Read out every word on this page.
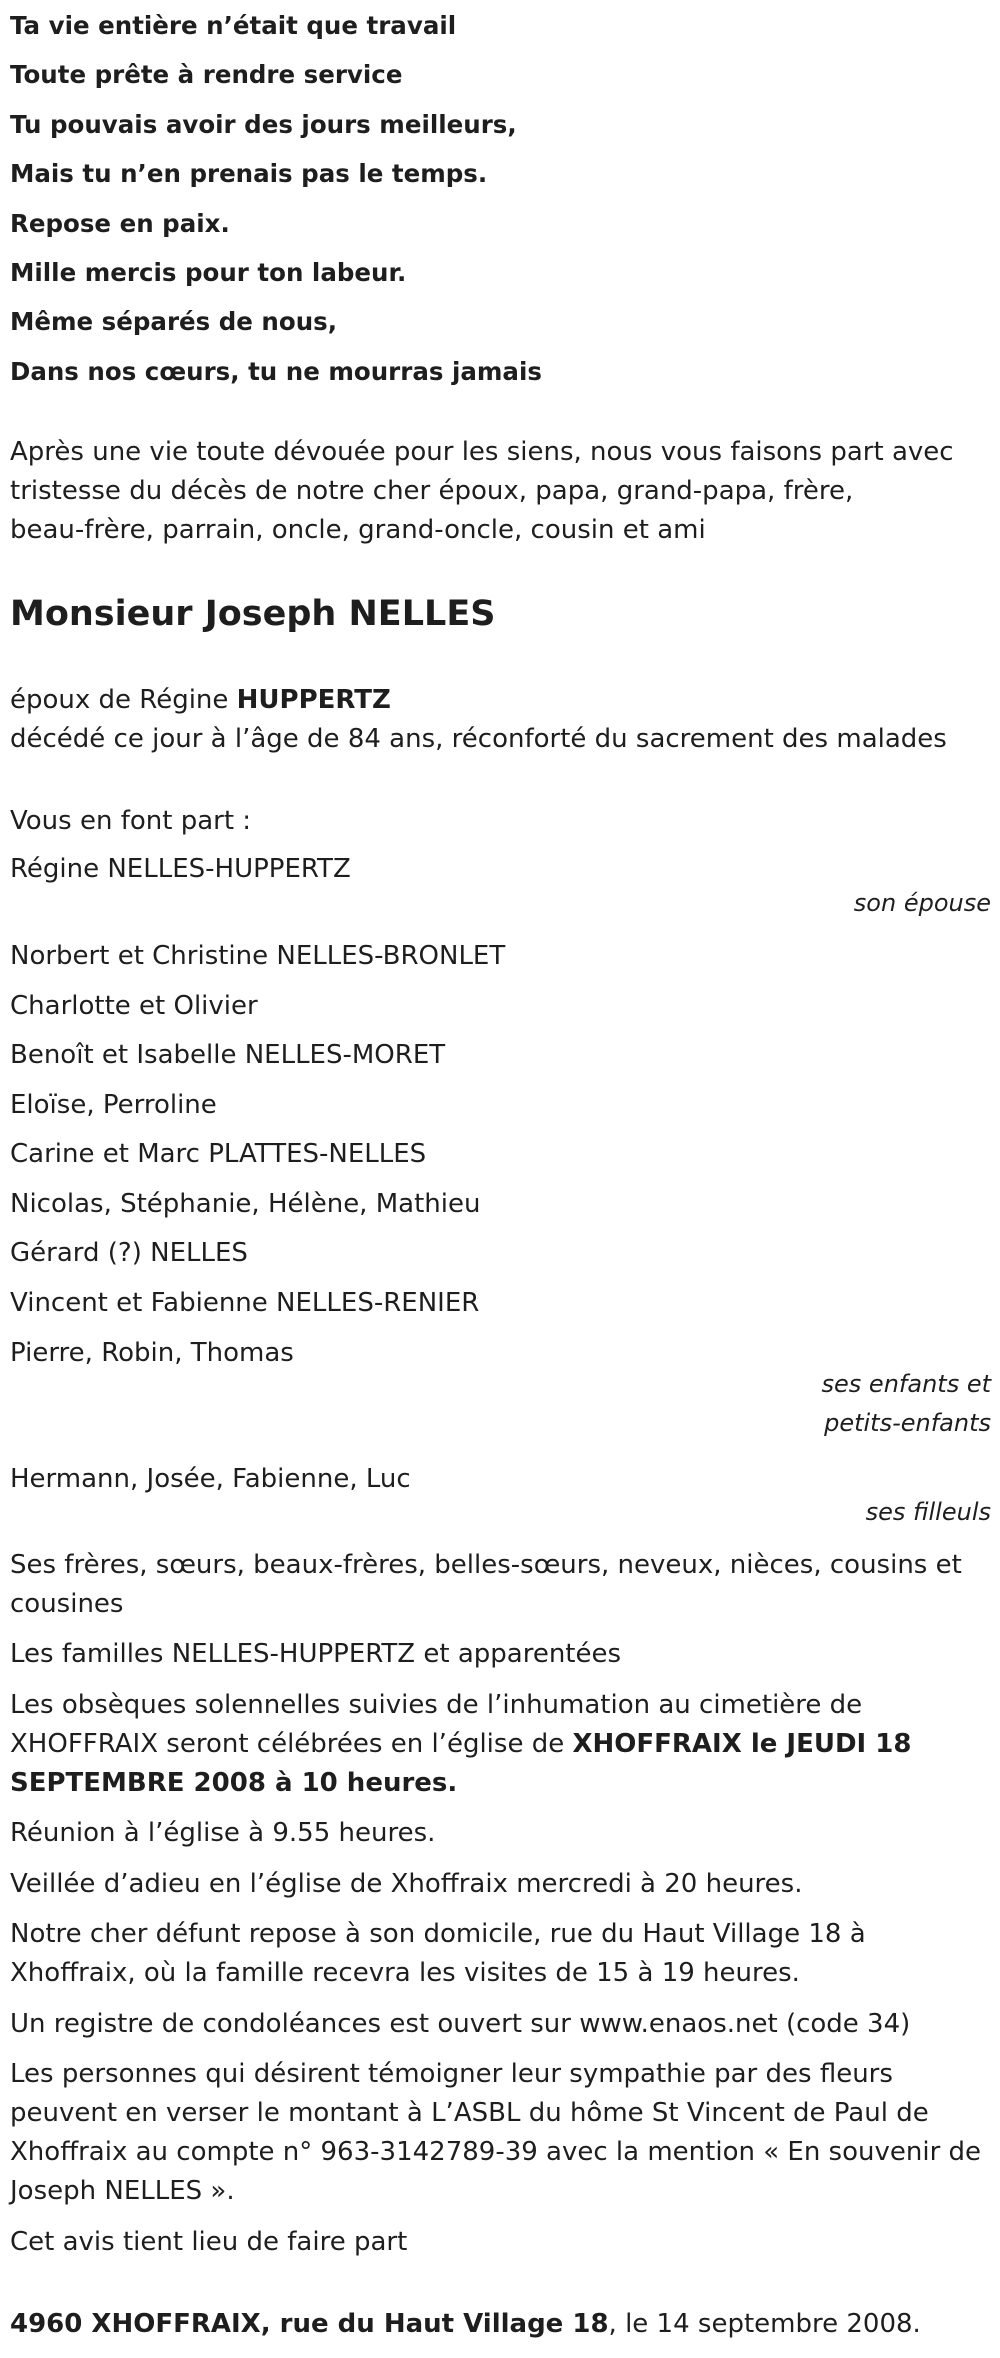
Ta vie entière n’était que travail
Toute prête à rendre service
Tu pouvais avoir des jours meilleurs,
Mais tu n’en prenais pas le temps.
Repose en paix.
Mille mercis pour ton labeur.
Même séparés de nous,
Dans nos cœurs, tu ne mourras jamais
Après une vie toute dévouée pour les siens, nous vous faisons part avec
tristesse du décès de notre cher époux, papa, grand-papa, frère,
beau-frère, parrain, oncle, grand-oncle, cousin et ami
Monsieur Joseph NELLES
époux de Régine HUPPERTZ
décédé ce jour à l’âge de 84 ans, réconforté du sacrement des malades
Vous en font part :
Régine NELLES-HUPPERTZ
son épouse
Norbert et Christine NELLES-BRONLET
Charlotte et Olivier
Benoît et Isabelle NELLES-MORET
Eloïse, Perroline
Carine et Marc PLATTES-NELLES
Nicolas, Stéphanie, Hélène, Mathieu
Gérard (?) NELLES
Vincent et Fabienne NELLES-RENIER
Pierre, Robin, Thomas
ses enfants et
petits-enfants
Hermann, Josée, Fabienne, Luc
ses filleuls
Ses frères, sœurs, beaux-frères, belles-sœurs, neveux, nièces, cousins et
cousines
Les familles NELLES-HUPPERTZ et apparentées
Les obsèques solennelles suivies de l’inhumation au cimetière de
XHOFFRAIX seront célébrées en l’église de XHOFFRAIX le JEUDI 18
SEPTEMBRE 2008 à 10 heures.
Réunion à l’église à 9.55 heures.
Veillée d’adieu en l’église de Xhoffraix mercredi à 20 heures.
Notre cher défunt repose à son domicile, rue du Haut Village 18 à
Xhoffraix, où la famille recevra les visites de 15 à 19 heures.
Un registre de condoléances est ouvert sur www.enaos.net (code 34)
Les personnes qui désirent témoigner leur sympathie par des fleurs
peuvent en verser le montant à L’ASBL du hôme St Vincent de Paul de
Xhoffraix au compte n° 963-3142789-39 avec la mention « En souvenir de
Joseph NELLES ».
Cet avis tient lieu de faire part
4960 XHOFFRAIX, rue du Haut Village 18, le 14 septembre 2008.
